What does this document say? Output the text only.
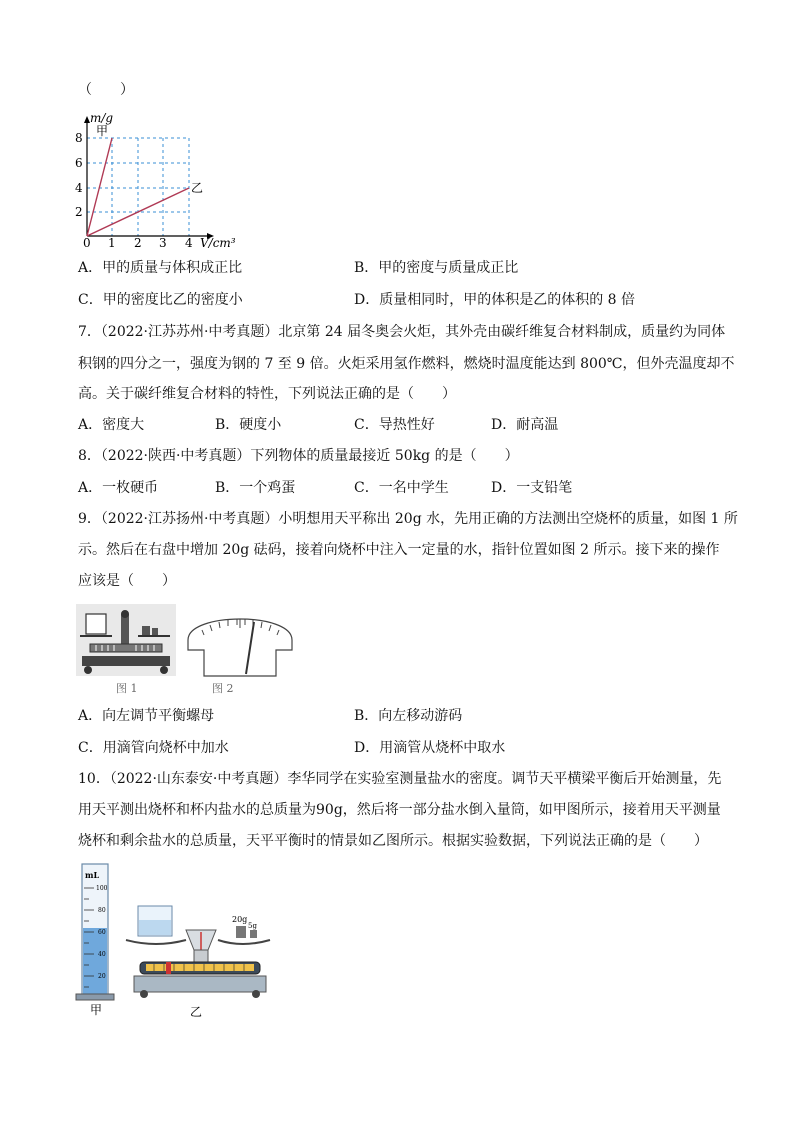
（　　）
m/g
甲
乙
8
6
4
2
0 1 2 3 4 V/cm³
A．甲的质量与体积成正比	B．甲的密度与质量成正比
C．甲的密度比乙的密度小	D．质量相同时，甲的体积是乙的体积的 8 倍
7．（2022·江苏苏州·中考真题）北京第 24 届冬奥会火炬，其外壳由碳纤维复合材料制成，质量约为同体
积钢的四分之一，强度为钢的 7 至 9 倍。火炬采用氢作燃料，燃烧时温度能达到 800℃，但外壳温度却不
高。关于碳纤维复合材料的特性，下列说法正确的是（　　）
A．密度大	B．硬度小	C．导热性好	D．耐高温
8．（2022·陕西·中考真题）下列物体的质量最接近 50kg 的是（　　）
A．一枚硬币	B．一个鸡蛋	C．一名中学生	D．一支铅笔
9．（2022·江苏扬州·中考真题）小明想用天平称出 20g 水，先用正确的方法测出空烧杯的质量，如图 1 所
示。然后在右盘中增加 20g 砝码，接着向烧杯中注入一定量的水，指针位置如图 2 所示。接下来的操作
应该是（　　）
图 1	图 2
A．向左调节平衡螺母	B．向左移动游码
C．用滴管向烧杯中加水	D．用滴管从烧杯中取水
10．（2022·山东泰安·中考真题）李华同学在实验室测量盐水的密度。调节天平横梁平衡后开始测量，先
用天平测出烧杯和杯内盐水的总质量为90g，然后将一部分盐水倒入量筒，如甲图所示，接着用天平测量
烧杯和剩余盐水的总质量，天平平衡时的情景如乙图所示。根据实验数据，下列说法正确的是（　　）
mL
100
80
60
40
20
甲
20g
5g
乙
